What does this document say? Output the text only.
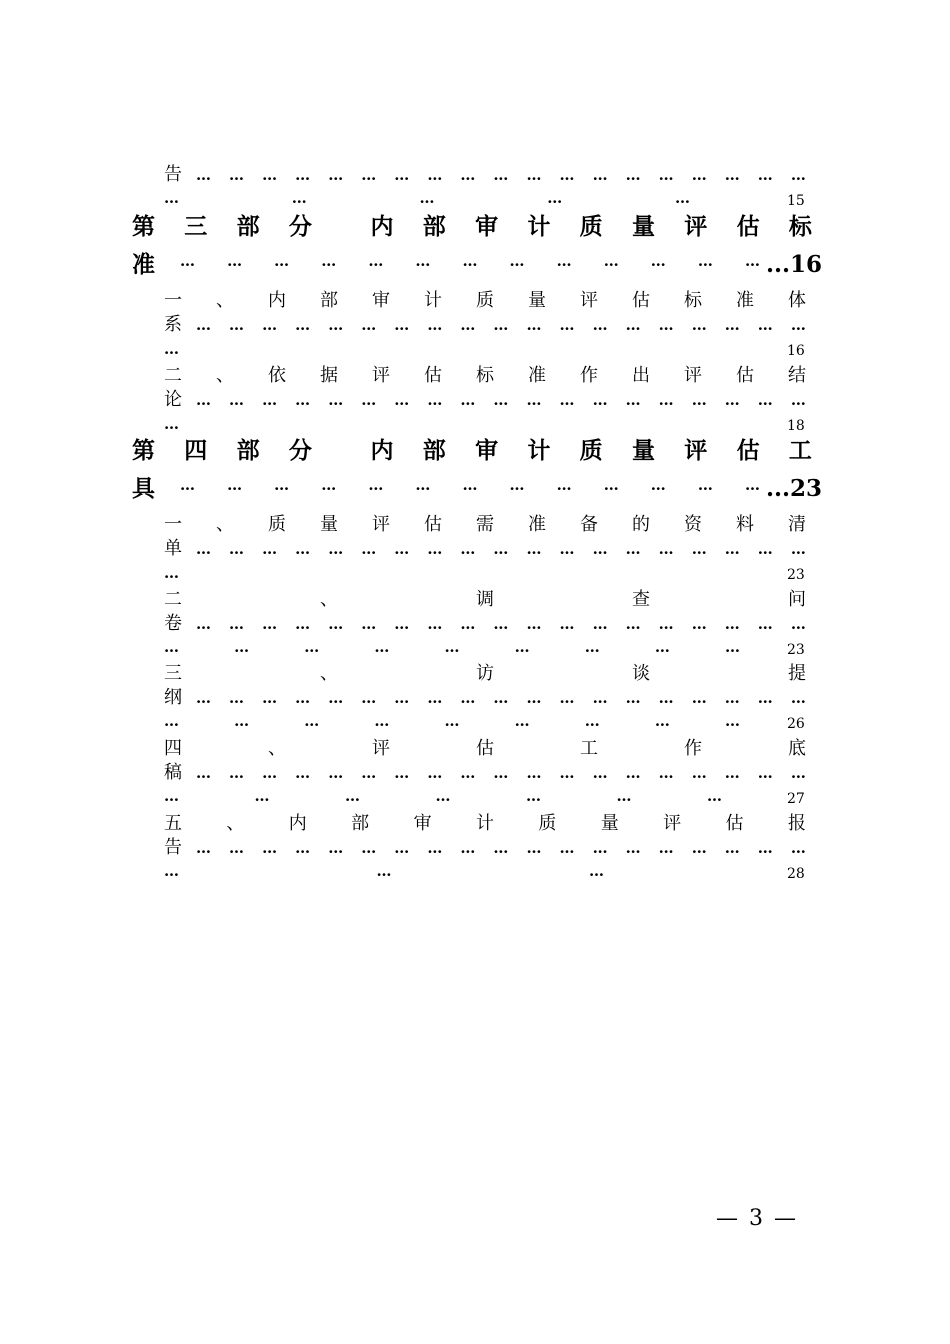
告 … … … … … … … … … … … … … … … … … … …
…	…	…	…	…	15
第 三 部 分	内 部 审 计 质 量 评 估 标
准 … … … … … … … … … … … … … ...16
一 、 内 部 审 计 质 量 评 估 标 准 体
系 … … … … … … … … … … … … … … … … … … …
…	16
二 、 依 据 评 估 标 准 作 出 评 估 结
论 … … … … … … … … … … … … … … … … … … …
…	18
第 四 部 分	内 部 审 计 质 量 评 估 工
具 … … … … … … … … … … … … … ...23
一 、 质 量 评 估 需 准 备 的 资 料 清
单 … … … … … … … … … … … … … … … … … … …
…	23
二	、	调	查	问
卷 … … … … … … … … … … … … … … … … … … …
…	…	…	…	…	…	…	…	…	23
三	、	访	谈	提
纲 … … … … … … … … … … … … … … … … … … …
…	…	…	…	…	…	…	…	…	26
四	、	评	估	工	作	底
稿 … … … … … … … … … … … … … … … … … … …
…	…	…	…	…	…	…	27
五 、 内 部 审 计 质 量 评 估 报
告 … … … … … … … … … … … … … … … … … … …
…	…	…	28
— 3 —
